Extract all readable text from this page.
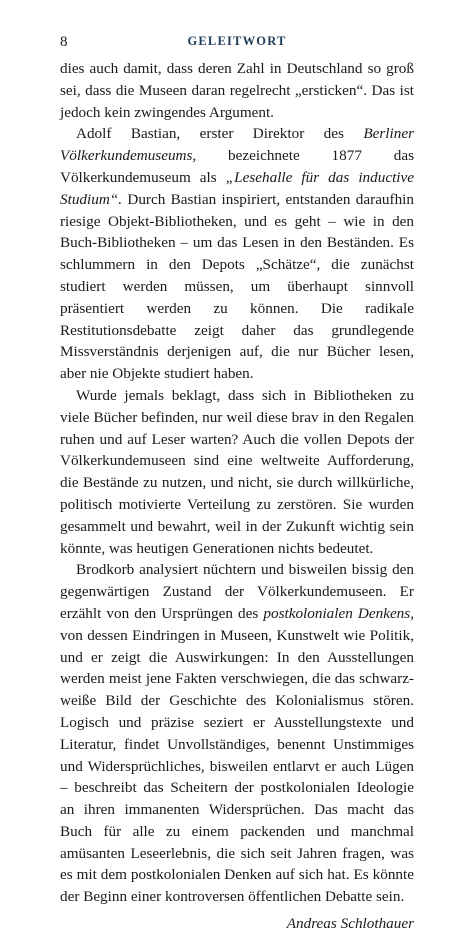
8	GELEITWORT

dies auch damit, dass deren Zahl in Deutschland so groß sei, dass die Museen daran regelrecht „ersticken“. Das ist jedoch kein zwingendes Argument.

Adolf Bastian, erster Direktor des Berliner Völkerkundemuseums, bezeichnete 1877 das Völkerkundemuseum als „Lesehalle für das inductive Studium“. Durch Bastian inspiriert, entstanden daraufhin riesige Objekt-Bibliotheken, und es geht – wie in den Buch-Bibliotheken – um das Lesen in den Beständen. Es schlummern in den Depots „Schätze“, die zunächst studiert werden müssen, um überhaupt sinnvoll präsentiert werden zu können. Die radikale Restitutionsdebatte zeigt daher das grundlegende Missverständnis derjenigen auf, die nur Bücher lesen, aber nie Objekte studiert haben.

Wurde jemals beklagt, dass sich in Bibliotheken zu viele Bücher befinden, nur weil diese brav in den Regalen ruhen und auf Leser warten? Auch die vollen Depots der Völkerkundemuseen sind eine weltweite Aufforderung, die Bestände zu nutzen, und nicht, sie durch willkürliche, politisch motivierte Verteilung zu zerstören. Sie wurden gesammelt und bewahrt, weil in der Zukunft wichtig sein könnte, was heutigen Generationen nichts bedeutet.

Brodkorb analysiert nüchtern und bisweilen bissig den gegenwärtigen Zustand der Völkerkundemuseen. Er erzählt von den Ursprüngen des postkolonialen Denkens, von dessen Eindringen in Museen, Kunstwelt wie Politik, und er zeigt die Auswirkungen: In den Ausstellungen werden meist jene Fakten verschwiegen, die das schwarz-weiße Bild der Geschichte des Kolonialismus stören. Logisch und präzise seziert er Ausstellungstexte und Literatur, findet Unvollständiges, benennt Unstimmiges und Widersprüchliches, bisweilen entlarvt er auch Lügen – beschreibt das Scheitern der postkolonialen Ideologie an ihren immanenten Widersprüchen. Das macht das Buch für alle zu einem packenden und manchmal amüsanten Leseerlebnis, die sich seit Jahren fragen, was es mit dem postkolonialen Denken auf sich hat. Es könnte der Beginn einer kontroversen öffentlichen Debatte sein.

Andreas Schlothauer
